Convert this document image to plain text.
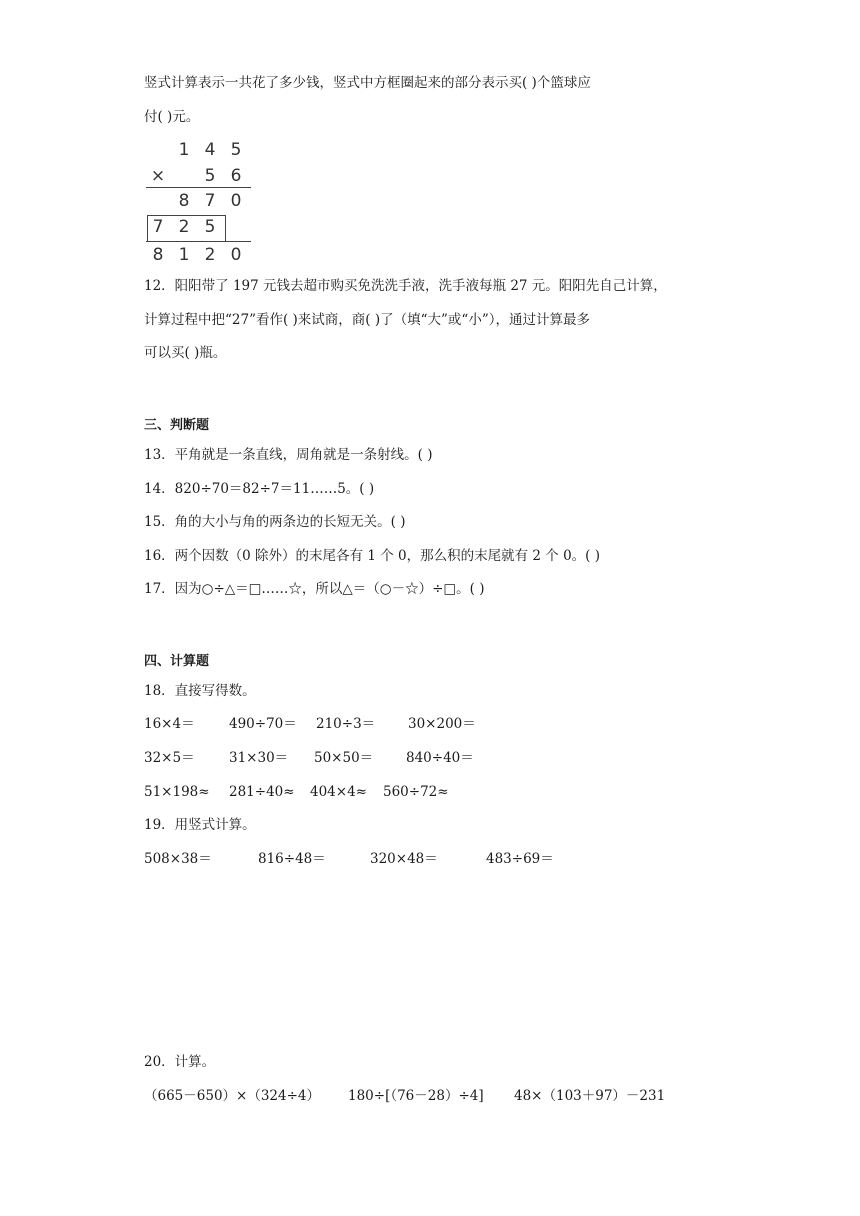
竖式计算表示一共花了多少钱，竖式中方框圈起来的部分表示买( )个篮球应
付( )元。
1 4 5
× 5 6
8 7 0
7 2 5
8 1 2 0
12．阳阳带了 197 元钱去超市购买免洗洗手液，洗手液每瓶 27 元。阳阳先自己计算，
计算过程中把“27”看作( )来试商，商( )了（填“大”或“小”），通过计算最多
可以买( )瓶。
三、判断题
13．平角就是一条直线，周角就是一条射线。( )
14．820÷70＝82÷7＝11……5。( )
15．角的大小与角的两条边的长短无关。( )
16．两个因数（0 除外）的末尾各有 1 个 0，那么积的末尾就有 2 个 0。( )
17．因为○÷△＝□……☆，所以△＝（○－☆）÷□。( )
四、计算题
18．直接写得数。
16×4＝	490÷70＝ 210÷3＝ 30×200＝
32×5＝	31×30＝ 50×50＝ 840÷40＝
51×198≈ 281÷40≈ 404×4≈ 560÷72≈
19．用竖式计算。
508×38＝	816÷48＝	320×48＝	483÷69＝
20．计算。
（665－650）×（324÷4） 180÷[（76－28）÷4] 48×（103＋97）－231
